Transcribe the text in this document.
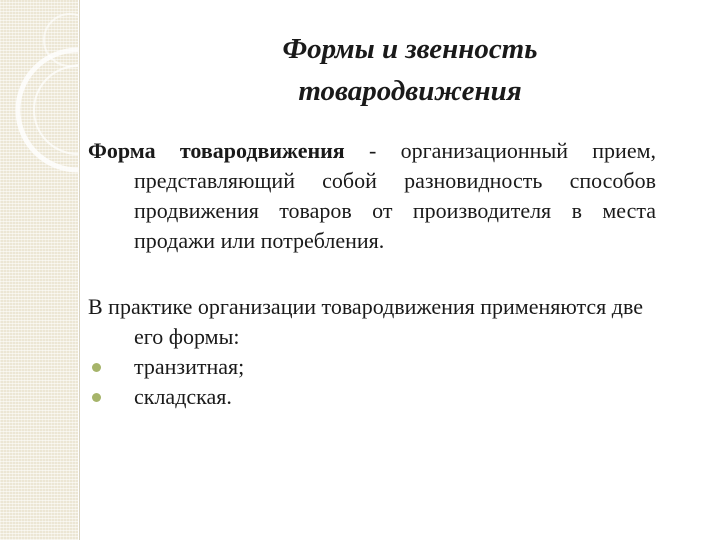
Формы и звенность
товародвижения

Форма товародвижения - организационный прием, представляющий собой разновидность способов продвижения товаров от производителя в места продажи или потребления.

В практике организации товародвижения применяются две его формы:

транзитная;
складская.
